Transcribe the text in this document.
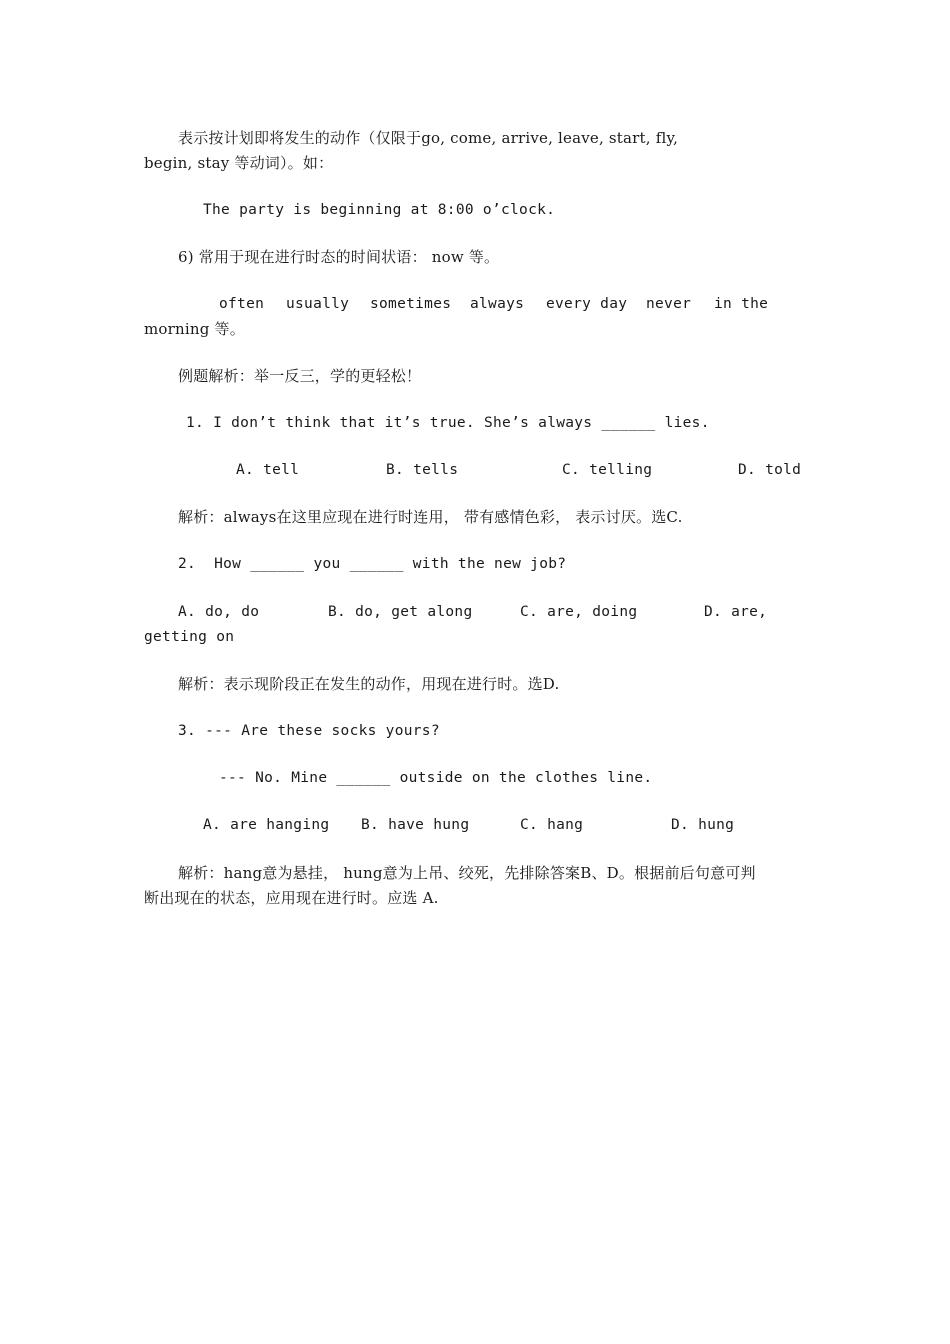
表示按计划即将发生的动作（仅限于go, come, arrive, leave, start, fly,
begin, stay 等动词）。如：
The party is beginning at 8:00 o’clock.
6) 常用于现在进行时态的时间状语： now 等。
often usually sometimes always every day never in the
morning 等。
例题解析：举一反三，学的更轻松！
1. I don’t think that it’s true. She’s always ______ lies.
A. tell	B. tells	C. telling	D. told
解析：always在这里应现在进行时连用， 带有感情色彩， 表示讨厌。选C.
2.  How ______ you ______ with the new job?
A. do, do	B. do, get along	C. are, doing	D. are,
getting on
解析：表示现阶段正在发生的动作，用现在进行时。选D.
3. --- Are these socks yours?
--- No. Mine ______ outside on the clothes line.
A. are hanging B. have hung	C. hang	D. hung
解析：hang意为悬挂， hung意为上吊、绞死，先排除答案B、D。根据前后句意可判
断出现在的状态，应用现在进行时。应选 A.
